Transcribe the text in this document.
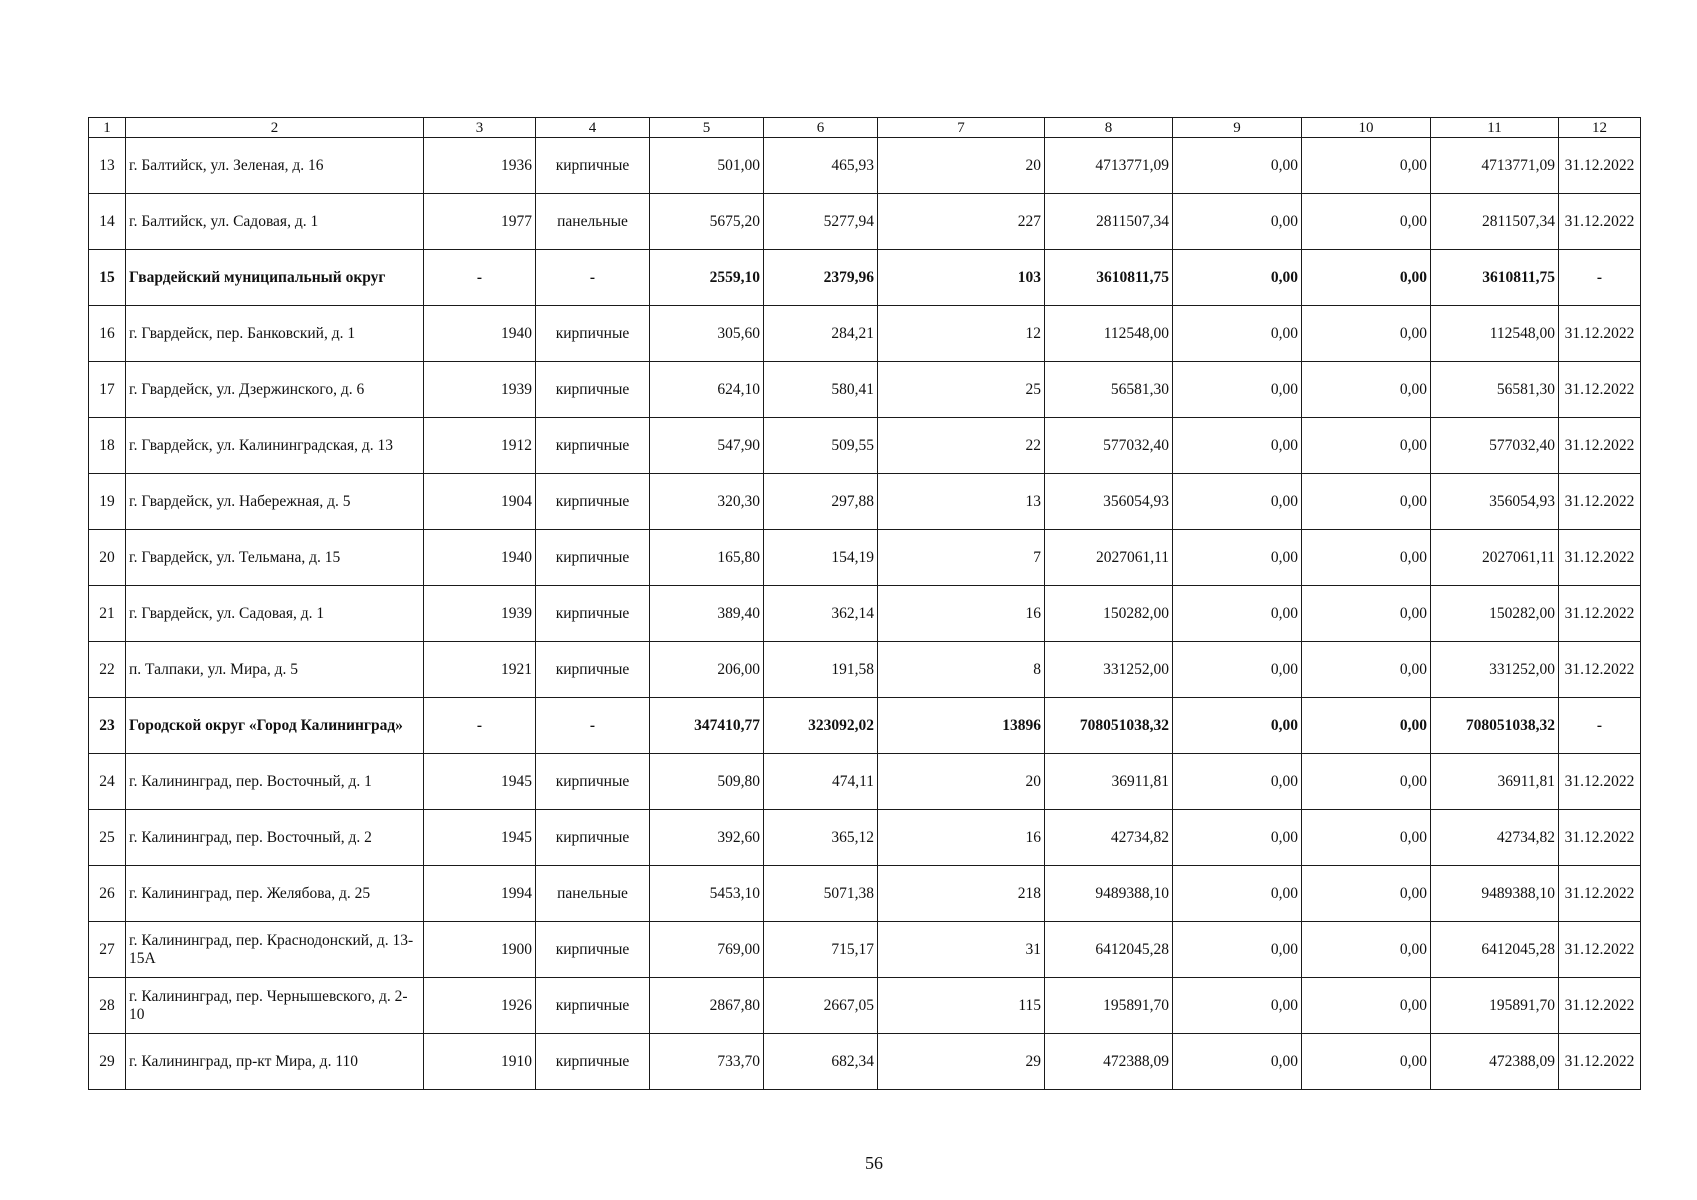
1	2	3	4	5	6	7	8	9	10	11	12
13	г. Балтийск, ул. Зеленая, д. 16	1936	кирпичные	501,00	465,93	20	4713771,09	0,00	0,00	4713771,09	31.12.2022
14	г. Балтийск, ул. Садовая, д. 1	1977	панельные	5675,20	5277,94	227	2811507,34	0,00	0,00	2811507,34	31.12.2022
15	Гвардейский муниципальный округ	-	-	2559,10	2379,96	103	3610811,75	0,00	0,00	3610811,75	-
16	г. Гвардейск, пер. Банковский, д. 1	1940	кирпичные	305,60	284,21	12	112548,00	0,00	0,00	112548,00	31.12.2022
17	г. Гвардейск, ул. Дзержинского, д. 6	1939	кирпичные	624,10	580,41	25	56581,30	0,00	0,00	56581,30	31.12.2022
18	г. Гвардейск, ул. Калининградская, д. 13	1912	кирпичные	547,90	509,55	22	577032,40	0,00	0,00	577032,40	31.12.2022
19	г. Гвардейск, ул. Набережная, д. 5	1904	кирпичные	320,30	297,88	13	356054,93	0,00	0,00	356054,93	31.12.2022
20	г. Гвардейск, ул. Тельмана, д. 15	1940	кирпичные	165,80	154,19	7	2027061,11	0,00	0,00	2027061,11	31.12.2022
21	г. Гвардейск, ул. Садовая, д. 1	1939	кирпичные	389,40	362,14	16	150282,00	0,00	0,00	150282,00	31.12.2022
22	п. Талпаки, ул. Мира, д. 5	1921	кирпичные	206,00	191,58	8	331252,00	0,00	0,00	331252,00	31.12.2022
23	Городской округ «Город Калининград»	-	-	347410,77	323092,02	13896	708051038,32	0,00	0,00	708051038,32	-
24	г. Калининград, пер. Восточный, д. 1	1945	кирпичные	509,80	474,11	20	36911,81	0,00	0,00	36911,81	31.12.2022
25	г. Калининград, пер. Восточный, д. 2	1945	кирпичные	392,60	365,12	16	42734,82	0,00	0,00	42734,82	31.12.2022
26	г. Калининград, пер. Желябова, д. 25	1994	панельные	5453,10	5071,38	218	9489388,10	0,00	0,00	9489388,10	31.12.2022
27	г. Калининград, пер. Краснодонский, д. 13-15А	1900	кирпичные	769,00	715,17	31	6412045,28	0,00	0,00	6412045,28	31.12.2022
28	г. Калининград, пер. Чернышевского, д. 2-10	1926	кирпичные	2867,80	2667,05	115	195891,70	0,00	0,00	195891,70	31.12.2022
29	г. Калининград, пр-кт Мира, д. 110	1910	кирпичные	733,70	682,34	29	472388,09	0,00	0,00	472388,09	31.12.2022
56
